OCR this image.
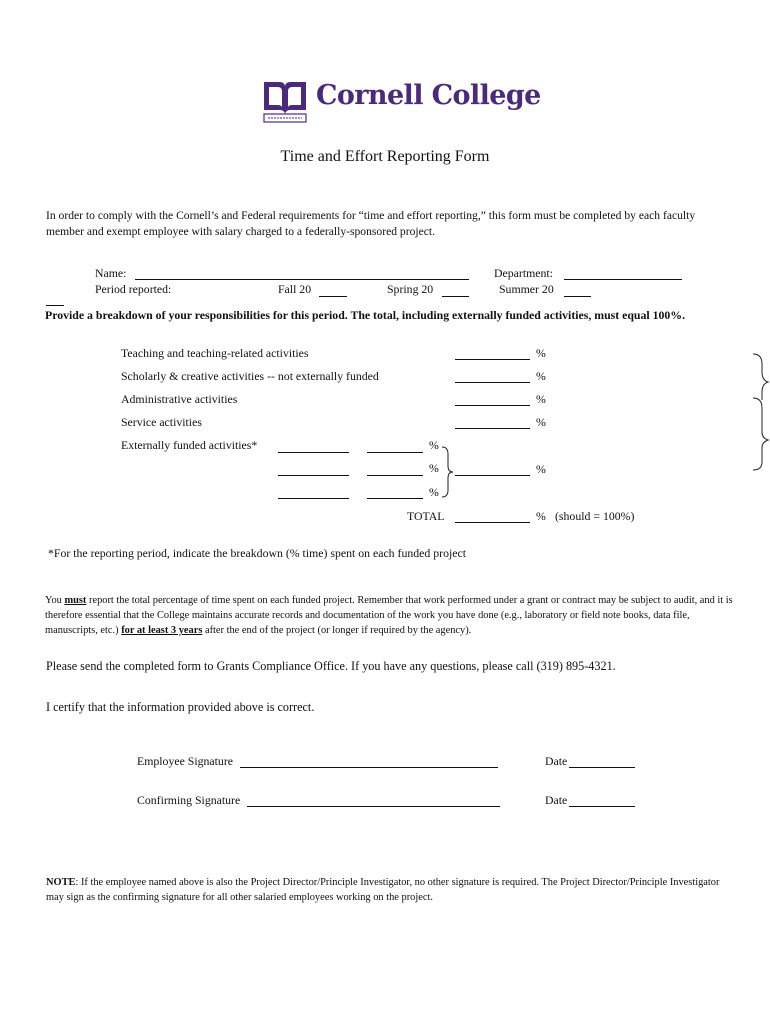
Cornell College
Time and Effort Reporting Form
In order to comply with the Cornell’s and Federal requirements for “time and effort reporting,” this form must be completed by each faculty member and exempt employee with salary charged to a federally-sponsored project.
Name:	Department:
Period reported:	Fall 20	Spring 20	Summer 20
Provide a breakdown of your responsibilities for this period. The total, including externally funded activities, must equal 100%.
Teaching and teaching-related activities	%
Scholarly & creative activities -- not externally funded	%
Administrative activities	%
Service activities	%
Externally funded activities*	%
%
%
%
TOTAL	% (should = 100%)
*For the reporting period, indicate the breakdown (% time) spent on each funded project
You must report the total percentage of time spent on each funded project. Remember that work performed under a grant or contract may be subject to audit, and it is therefore essential that the College maintains accurate records and documentation of the work you have done (e.g., laboratory or field note books, data file, manuscripts, etc.) for at least 3 years after the end of the project (or longer if required by the agency).
Please send the completed form to Grants Compliance Office. If you have any questions, please call (319) 895-4321.
I certify that the information provided above is correct.
Employee Signature	Date
Confirming Signature	Date
NOTE: If the employee named above is also the Project Director/Principle Investigator, no other signature is required. The Project Director/Principle Investigator may sign as the confirming signature for all other salaried employees working on the project.
